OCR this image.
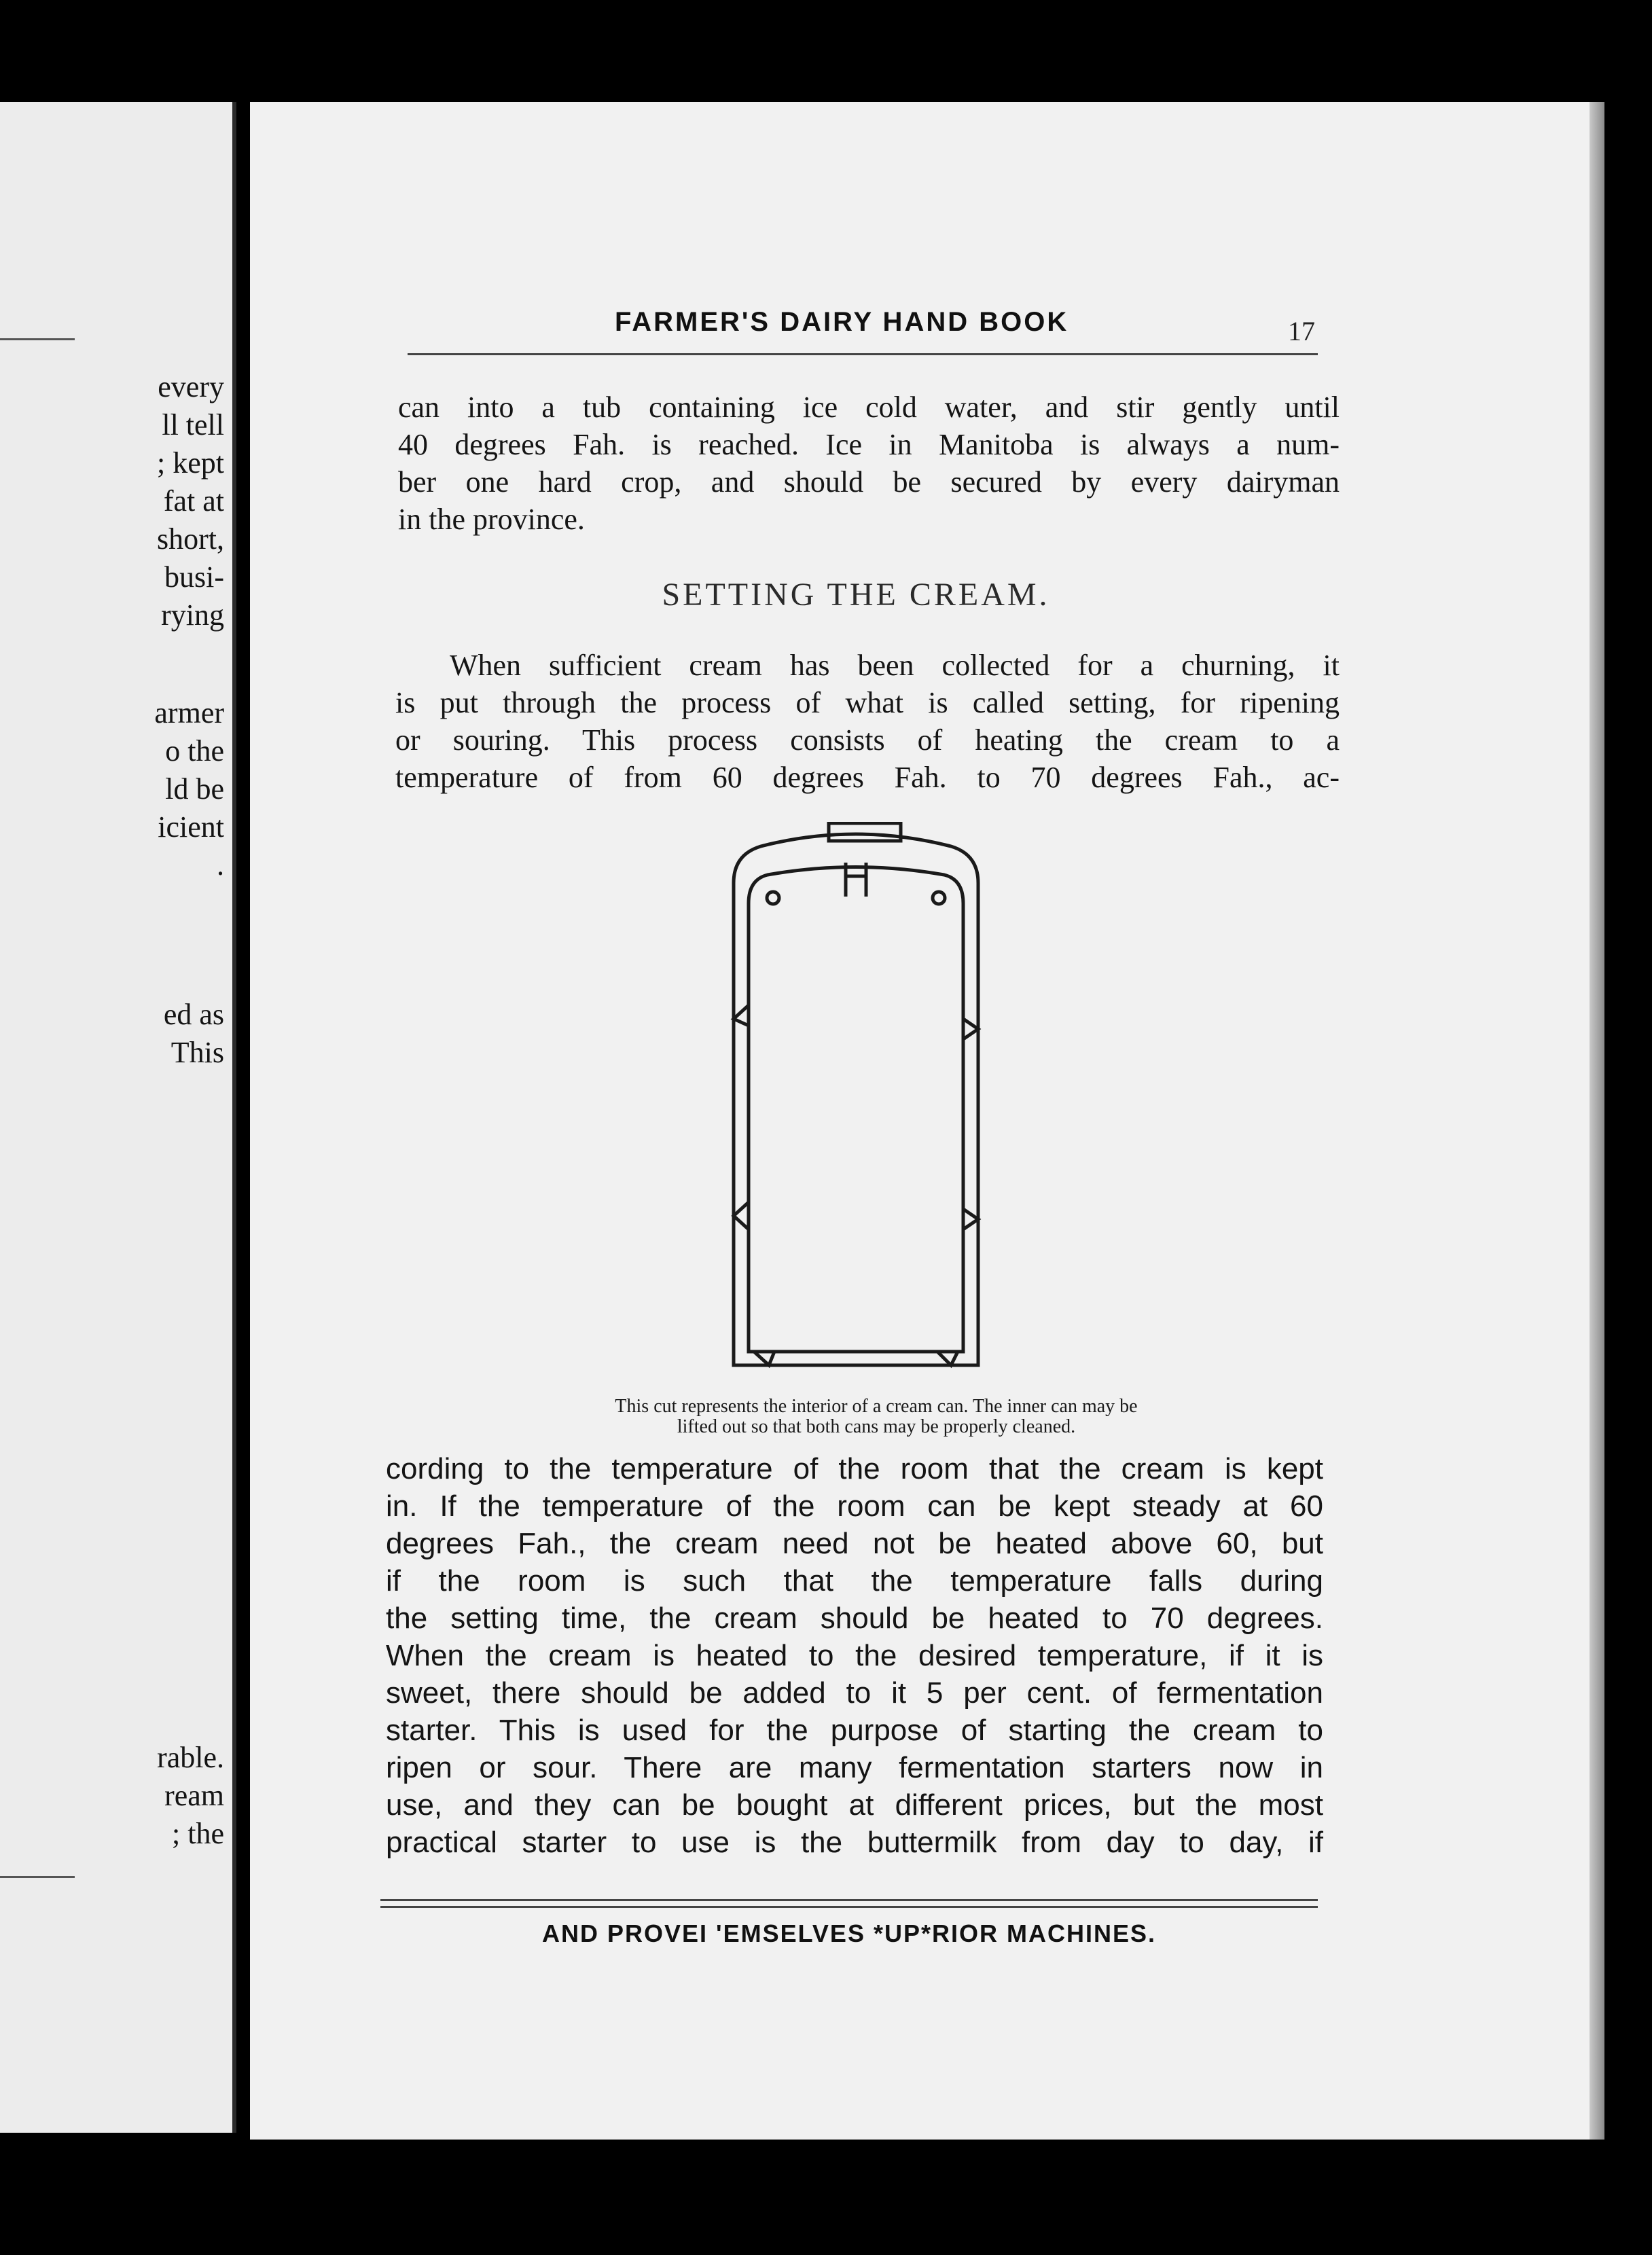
every
ll tell
; kept
fat at
short,
busi-
rying
armer
o the
ld be
icient
.
ed as
This
rable.
ream
; the
FARMER'S DAIRY HAND BOOK	17
can into a tub containing ice cold water, and stir gently until
40 degrees Fah. is reached. Ice in Manitoba is always a num-
ber one hard crop, and should be secured by every dairyman
in the province.
SETTING THE CREAM.
When sufficient cream has been collected for a churning, it
is put through the process of what is called setting, for ripening
or souring. This process consists of heating the cream to a
temperature of from 60 degrees Fah. to 70 degrees Fah., ac-
This cut represents the interior of a cream can. The inner can may be
lifted out so that both cans may be properly cleaned.
cording to the temperature of the room that the cream is kept
in. If the temperature of the room can be kept steady at 60
degrees Fah., the cream need not be heated above 60, but
if the room is such that the temperature falls during
the setting time, the cream should be heated to 70 degrees.
When the cream is heated to the desired temperature, if it is
sweet, there should be added to it 5 per cent. of fermentation
starter. This is used for the purpose of starting the cream to
ripen or sour. There are many fermentation starters now in
use, and they can be bought at different prices, but the most
practical starter to use is the buttermilk from day to day, if
AND PROVEI 'EMSELVES *UP*RIOR MACHINES.
